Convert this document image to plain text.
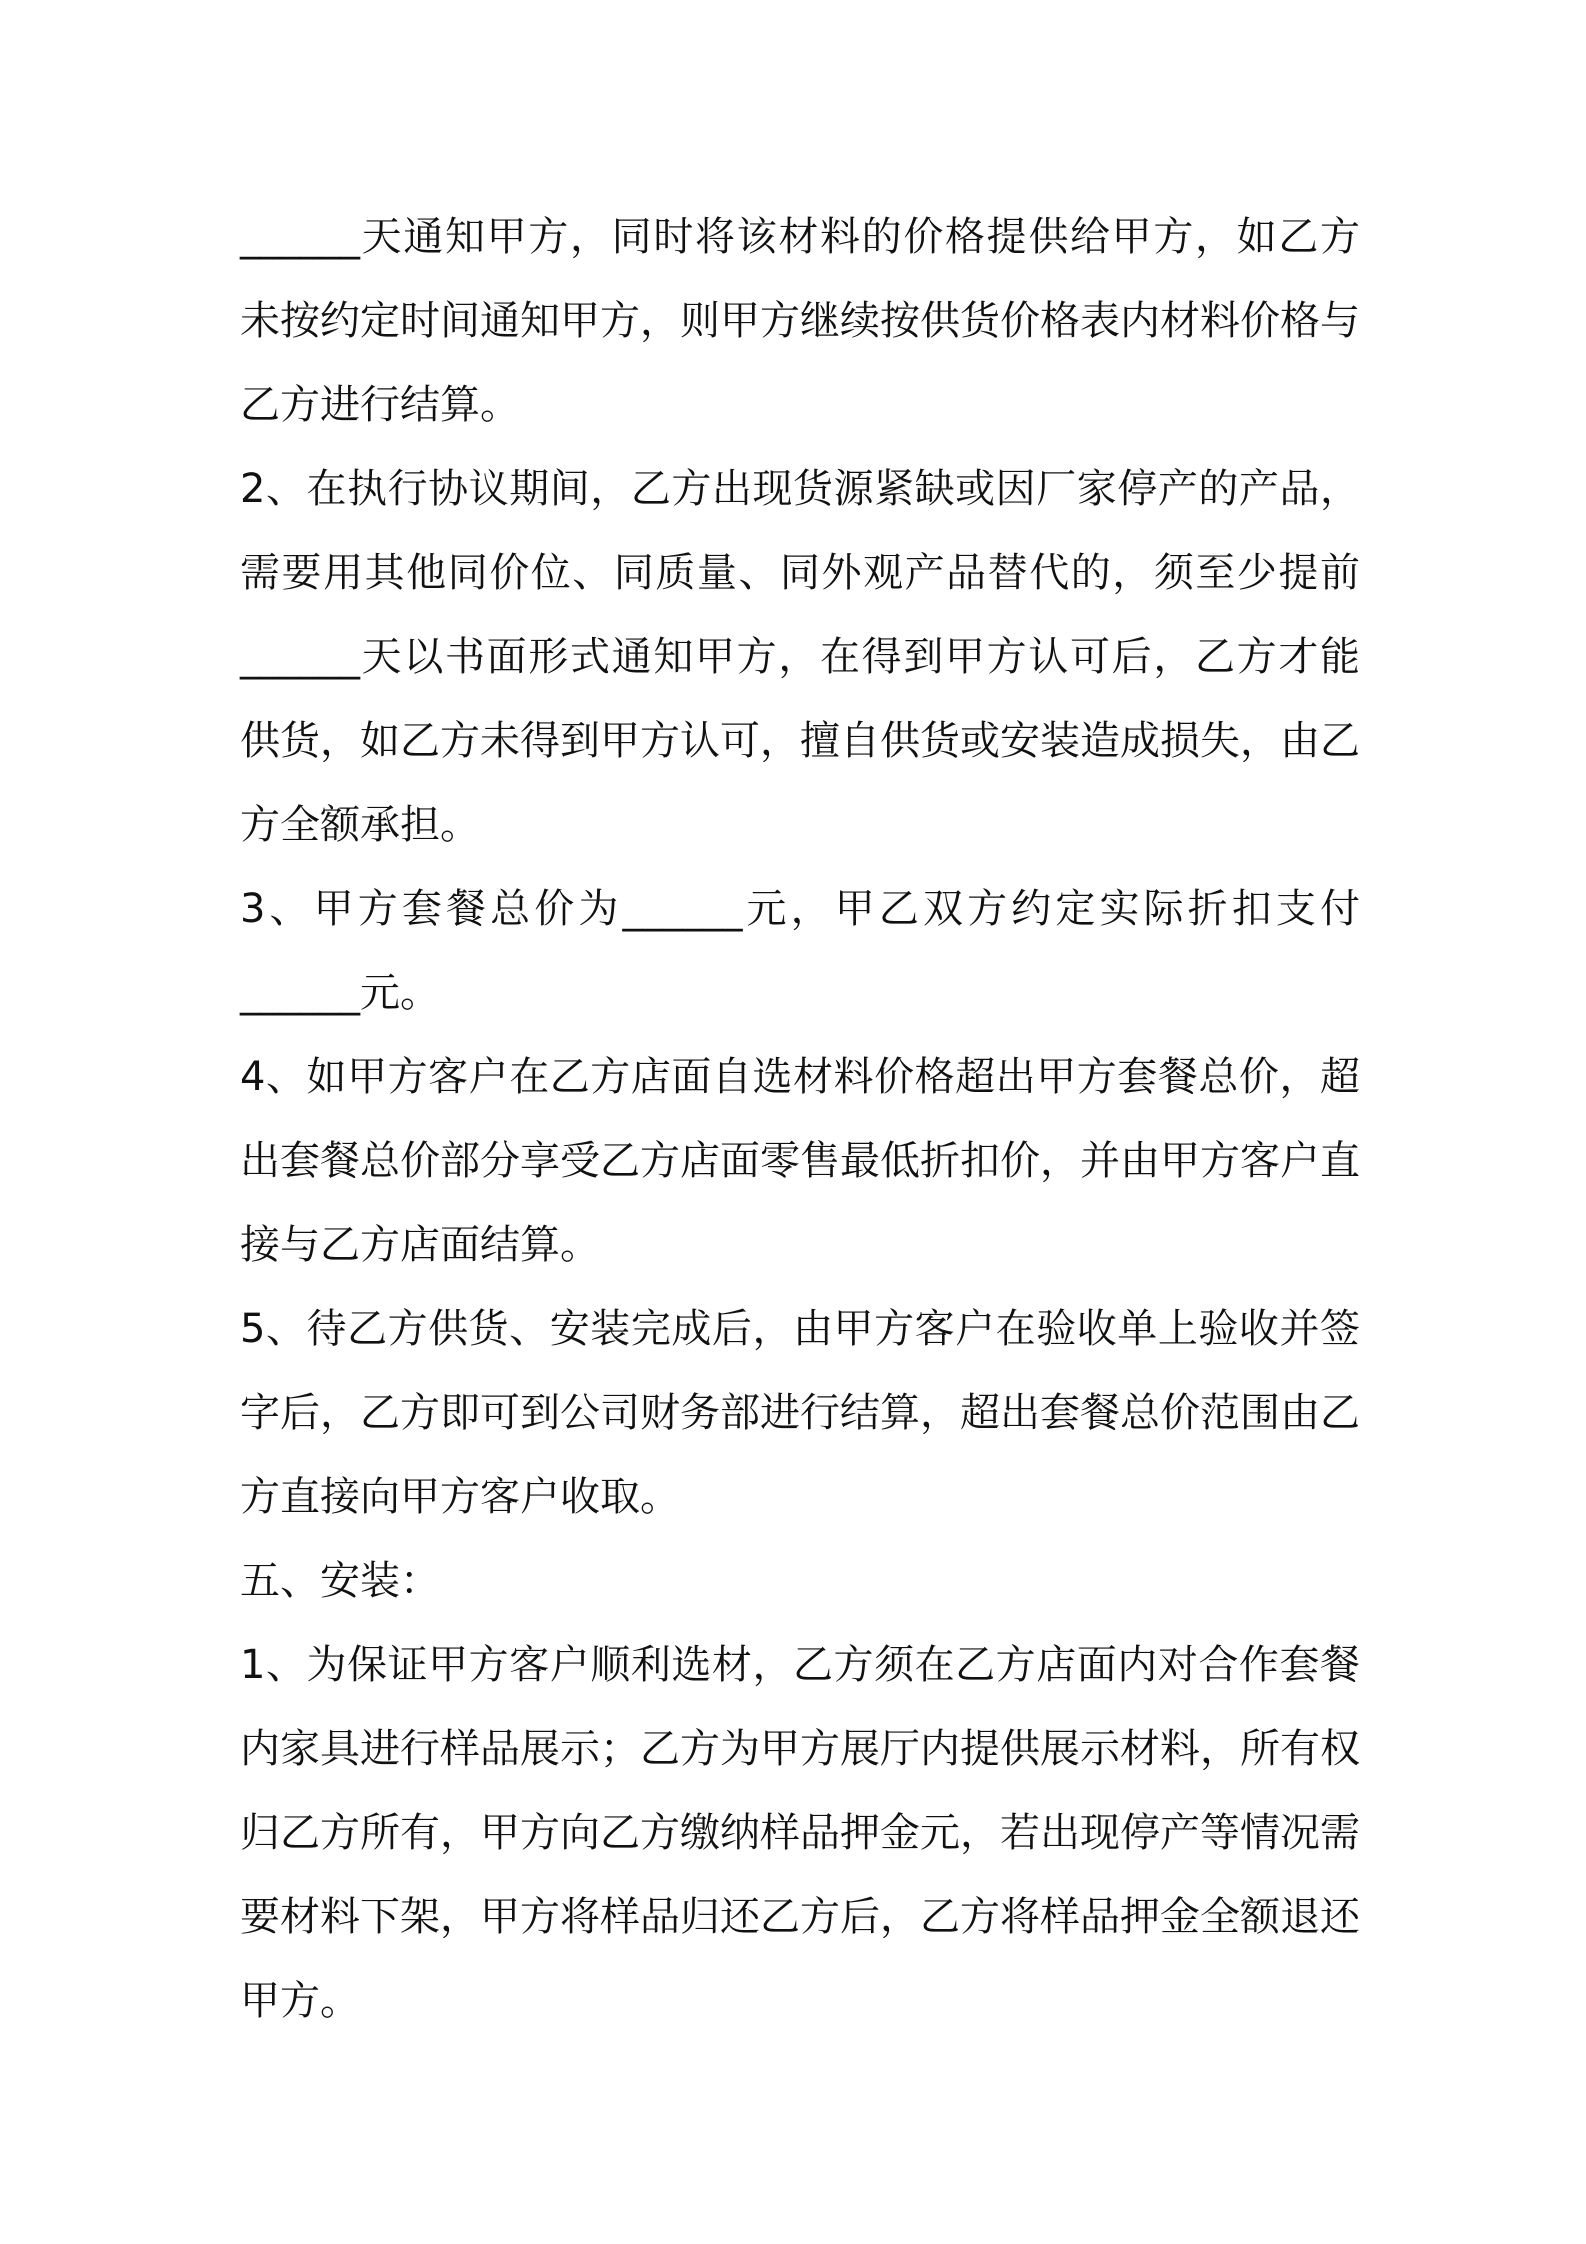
______天通知甲方，同时将该材料的价格提供给甲方，如乙方
未按约定时间通知甲方，则甲方继续按供货价格表内材料价格与
乙方进行结算。
2、在执行协议期间，乙方出现货源紧缺或因厂家停产的产品，
需要用其他同价位、同质量、同外观产品替代的，须至少提前
______天以书面形式通知甲方，在得到甲方认可后，乙方才能
供货，如乙方未得到甲方认可，擅自供货或安装造成损失，由乙
方全额承担。
3、甲方套餐总价为______元，甲乙双方约定实际折扣支付
______元。
4、如甲方客户在乙方店面自选材料价格超出甲方套餐总价，超
出套餐总价部分享受乙方店面零售最低折扣价，并由甲方客户直
接与乙方店面结算。
5、待乙方供货、安装完成后，由甲方客户在验收单上验收并签
字后，乙方即可到公司财务部进行结算，超出套餐总价范围由乙
方直接向甲方客户收取。
五、安装：
1、为保证甲方客户顺利选材，乙方须在乙方店面内对合作套餐
内家具进行样品展示；乙方为甲方展厅内提供展示材料，所有权
归乙方所有，甲方向乙方缴纳样品押金元，若出现停产等情况需
要材料下架，甲方将样品归还乙方后，乙方将样品押金全额退还
甲方。
